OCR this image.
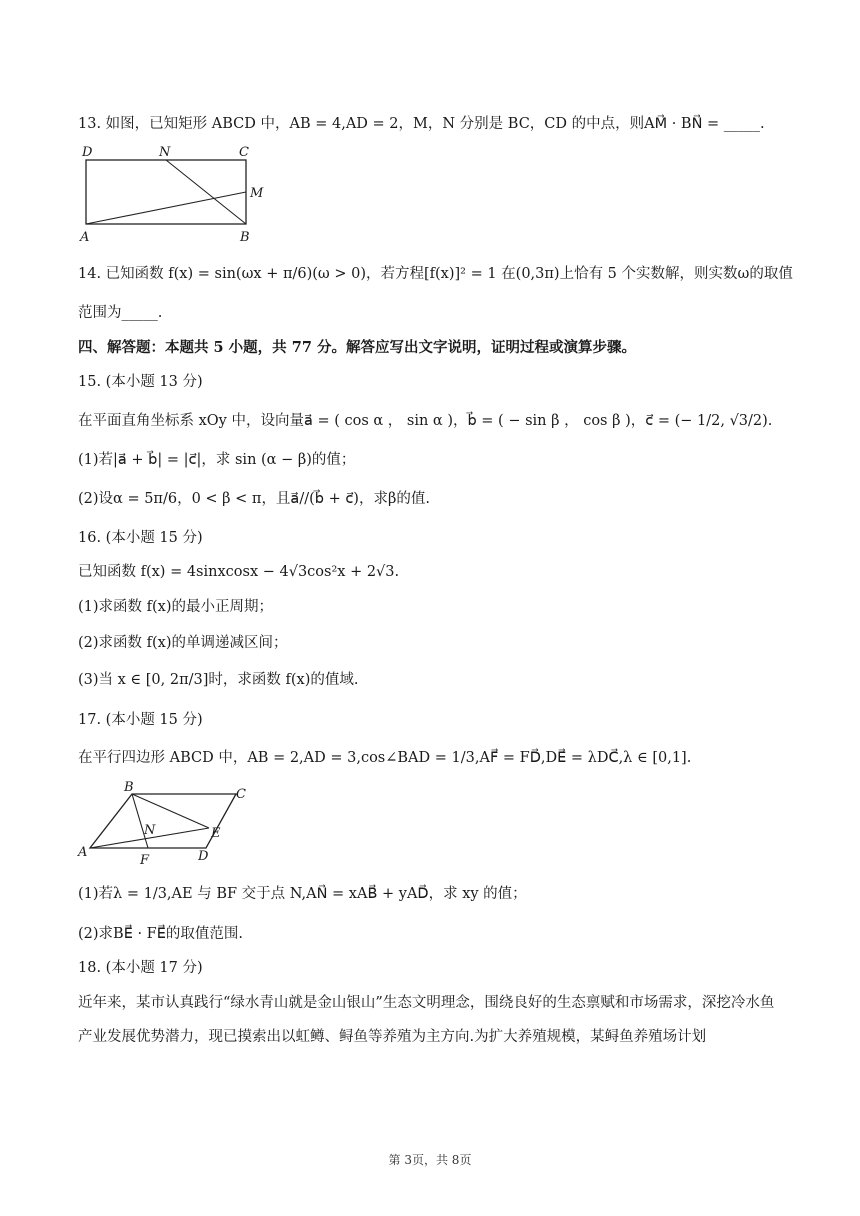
13. 如图，已知矩形 ABCD 中，AB = 4,AD = 2，M，N 分别是 BC，CD 的中点，则AM⃗ · BN⃗ = _____.
D	N	C
M
A	B
14. 已知函数 f(x) = sin(ωx + π/6)(ω > 0)，若方程[f(x)]² = 1 在(0,3π)上恰有 5 个实数解，则实数ω的取值
范围为_____.
四、解答题：本题共 5 小题，共 77 分。解答应写出文字说明，证明过程或演算步骤。
15. (本小题 13 分)
在平面直角坐标系 xOy 中，设向量a⃗ = ( cos α ， sin α )，b⃗ = ( − sin β ， cos β )，c⃗ = (− 1/2, √3/2).
(1)若|a⃗ + b⃗| = |c⃗|，求 sin (α − β)的值；
(2)设α = 5π/6，0 < β < π，且a⃗//(b⃗ + c⃗)，求β的值.
16. (本小题 15 分)
已知函数 f(x) = 4sinxcosx − 4√3cos²x + 2√3.
(1)求函数 f(x)的最小正周期；
(2)求函数 f(x)的单调递减区间；
(3)当 x ∈ [0, 2π/3]时，求函数 f(x)的值域.
17. (本小题 15 分)
在平行四边形 ABCD 中，AB = 2,AD = 3,cos∠BAD = 1/3,AF⃗ = FD⃗,DE⃗ = λDC⃗,λ ∈ [0,1].
B	C
N	E
A
F	D
(1)若λ = 1/3,AE 与 BF 交于点 N,AN⃗ = xAB⃗ + yAD⃗，求 xy 的值；
(2)求BE⃗ · FE⃗的取值范围.
18. (本小题 17 分)
近年来，某市认真践行“绿水青山就是金山银山”生态文明理念，围绕良好的生态禀赋和市场需求，深挖冷水鱼产业发展优势潜力，现已摸索出以虹鳟、鲟鱼等养殖为主方向.为扩大养殖规模，某鲟鱼养殖场计划
第 3页，共 8页
